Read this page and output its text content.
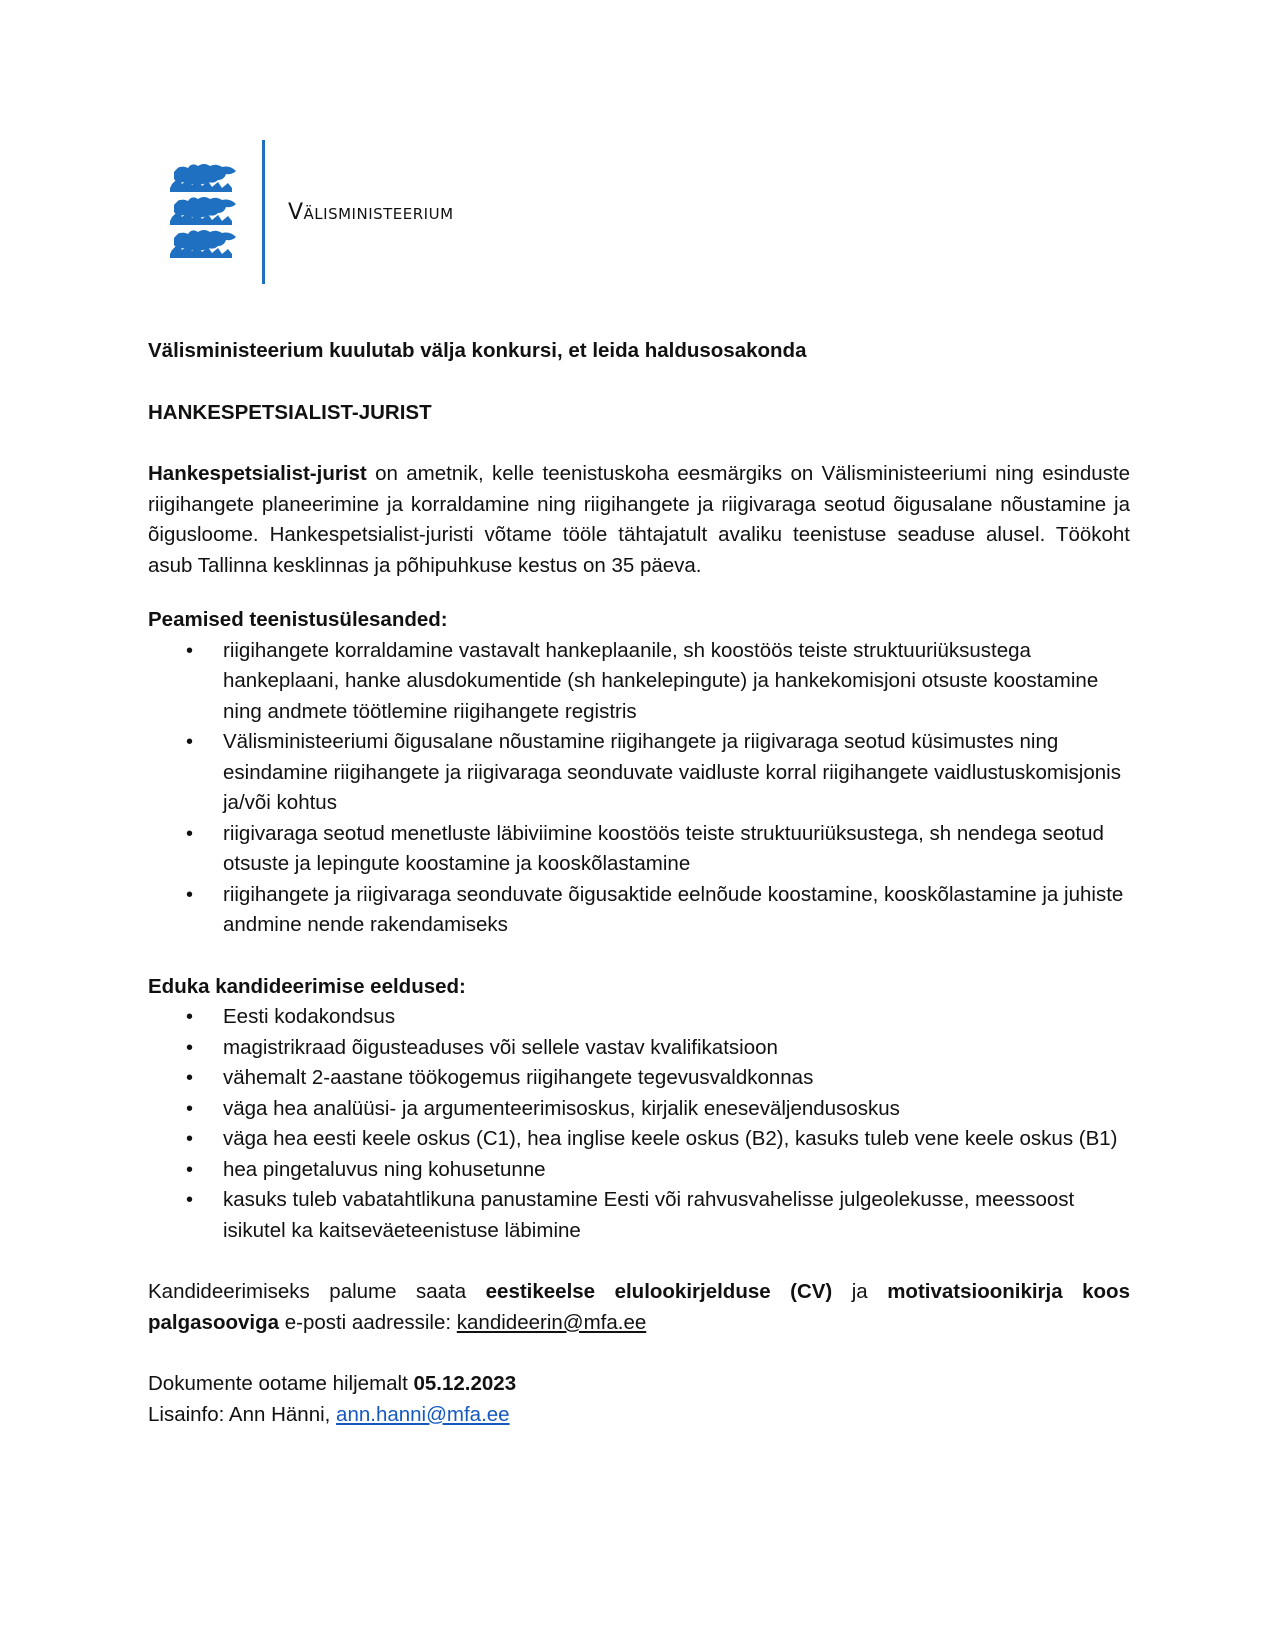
Välisministeerium

Välisministeerium kuulutab välja konkursi, et leida haldusosakonda

HANKESPETSIALIST-JURIST

Hankespetsialist-jurist on ametnik, kelle teenistuskoha eesmärgiks on Välisministeeriumi ning esinduste riigihangete planeerimine ja korraldamine ning riigihangete ja riigivaraga seotud õigusalane nõustamine ja õigusloome. Hankespetsialist-juristi võtame tööle tähtajatult avaliku teenistuse seaduse alusel. Töökoht asub Tallinna kesklinnas ja põhipuhkuse kestus on 35 päeva.

Peamised teenistusülesanded:

• riigihangete korraldamine vastavalt hankeplaanile, sh koostöös teiste struktuuriüksustega hankeplaani, hanke alusdokumentide (sh hankelepingute) ja hankekomisjoni otsuste koostamine ning andmete töötlemine riigihangete registris
• Välisministeeriumi õigusalane nõustamine riigihangete ja riigivaraga seotud küsimustes ning esindamine riigihangete ja riigivaraga seonduvate vaidluste korral riigihangete vaidlustuskomisjonis ja/või kohtus
• riigivaraga seotud menetluste läbiviimine koostöös teiste struktuuriüksustega, sh nendega seotud otsuste ja lepingute koostamine ja kooskõlastamine
• riigihangete ja riigivaraga seonduvate õigusaktide eelnõude koostamine, kooskõlastamine ja juhiste andmine nende rakendamiseks

Eduka kandideerimise eeldused:

• Eesti kodakondsus
• magistrikraad õigusteaduses või sellele vastav kvalifikatsioon
• vähemalt 2-aastane töökogemus riigihangete tegevusvaldkonnas
• väga hea analüüsi- ja argumenteerimisoskus, kirjalik eneseväljendusoskus
• väga hea eesti keele oskus (C1), hea inglise keele oskus (B2), kasuks tuleb vene keele oskus (B1)
• hea pingetaluvus ning kohusetunne
• kasuks tuleb vabatahtlikuna panustamine Eesti või rahvusvahelisse julgeolekusse, meessoost isikutel ka kaitseväeteenistuse läbimine

Kandideerimiseks palume saata eestikeelse elulookirjelduse (CV) ja motivatsioonikirja koos palgasooviga e-posti aadressile: kandideerin@mfa.ee

Dokumente ootame hiljemalt 05.12.2023

Lisainfo: Ann Hänni, ann.hanni@mfa.ee
